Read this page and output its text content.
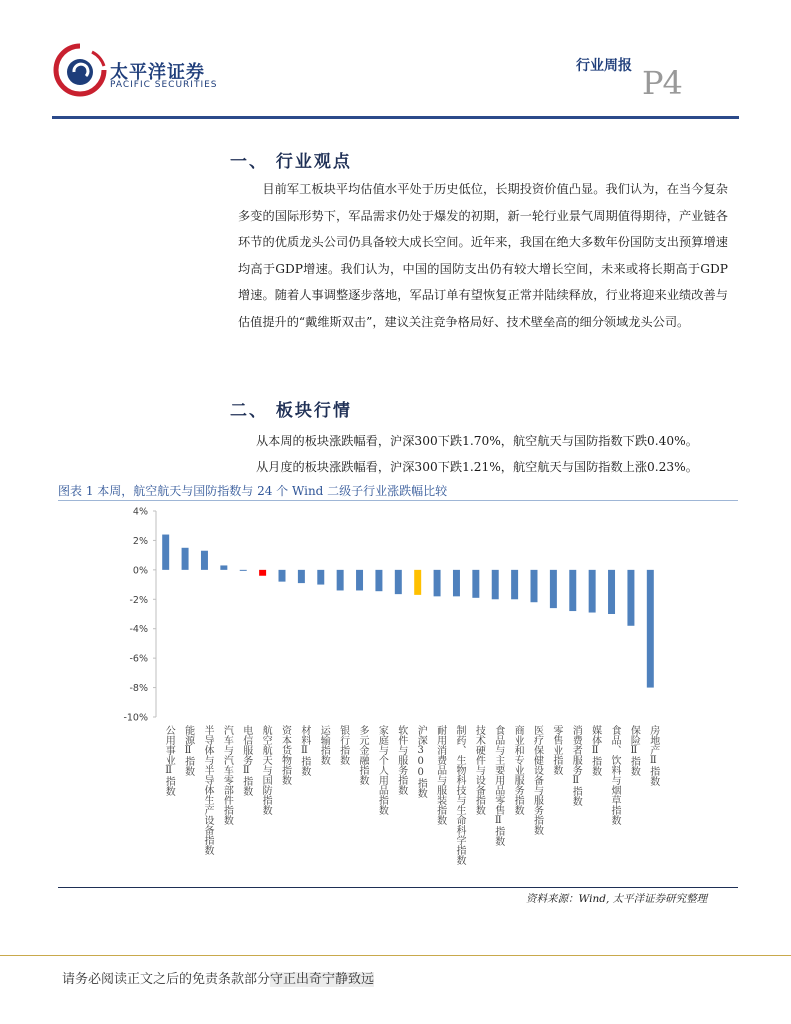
太平洋证券
PACIFIC SECURITIES
行业周报 P4
一、 行业观点
目前军工板块平均估值水平处于历史低位，长期投资价值凸显。我们认为，在当今复杂多变的国际形势下，军品需求仍处于爆发的初期，新一轮行业景气周期值得期待，产业链各环节的优质龙头公司仍具备较大成长空间。近年来，我国在绝大多数年份国防支出预算增速均高于GDP增速。我们认为，中国的国防支出仍有较大增长空间，未来或将长期高于GDP增速。随着人事调整逐步落地，军品订单有望恢复正常并陆续释放，行业将迎来业绩改善与估值提升的“戴维斯双击”，建议关注竞争格局好、技术壁垒高的细分领域龙头公司。
二、 板块行情
从本周的板块涨跌幅看，沪深300下跌1.70%，航空航天与国防指数下跌0.40%。
从月度的板块涨跌幅看，沪深300下跌1.21%，航空航天与国防指数上涨0.23%。
图表 1 本周，航空航天与国防指数与 24 个 Wind 二级子行业涨跌幅比较
-10%
-8%
-6%
-4%
-2%
0%
2%
4%
公用事业Ⅱ指数 能源Ⅱ指数 半导体与半导体生产设备指数 汽车与汽车零部件指数 电信服务Ⅱ指数 航空航天与国防指数 资本货物指数 材料Ⅱ指数 运输指数 银行指数 多元金融指数 家庭与个人用品指数 软件与服务指数 沪深300指数 耐用消费品与服装指数 制药、生物科技与生命科学指数 技术硬件与设备指数 食品与主要用品零售Ⅱ指数 商业和专业服务指数 医疗保健设备与服务指数 零售业指数 消费者服务Ⅱ指数 媒体Ⅱ指数 食品、饮料与烟草指数 保险Ⅱ指数 房地产Ⅱ指数
资料来源：Wind, 太平洋证券研究整理
请务必阅读正文之后的免责条款部分守正出奇宁静致远
